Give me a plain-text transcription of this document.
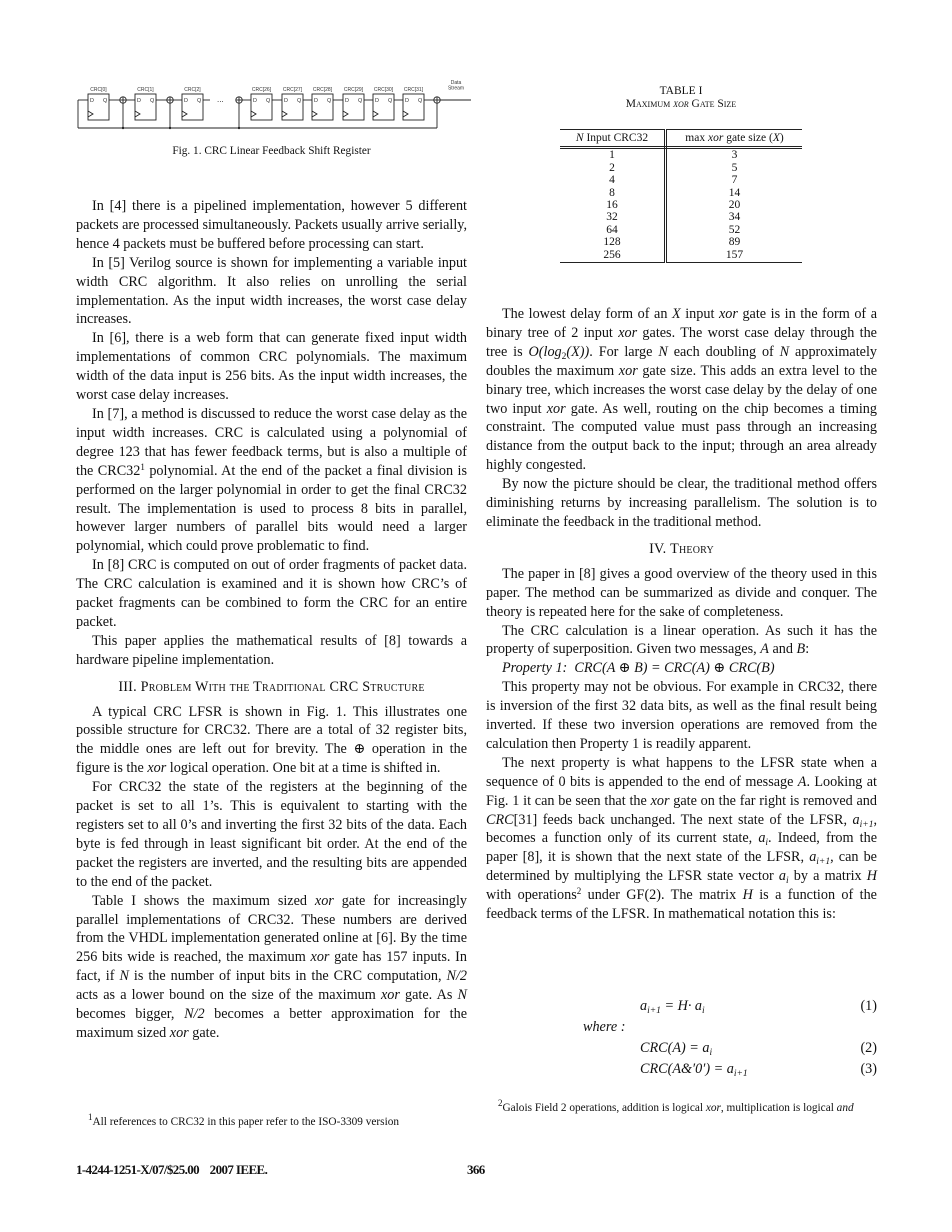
CRC[0]
D Q
CRC[1]
D Q
CRC[2]
D Q
CRC[26]
D Q
CRC[27]
D Q
CRC[28]
D Q
CRC[29]
D Q
CRC[30]
D Q
CRC[31]
D Q
...
Data
Stream
Fig. 1. CRC Linear Feedback Shift Register
TABLE I
Maximum xor Gate Size
N Input CRC32	max xor gate size (X)
1	3
2	5
4	7
8	14
16	20
32	34
64	52
128	89
256	157

In [4] there is a pipelined implementation, however 5 different packets are processed simultaneously. Packets usually arrive serially, hence 4 packets must be buffered before processing can start.

In [5] Verilog source is shown for implementing a variable input width CRC algorithm. It also relies on unrolling the serial implementation. As the input width increases, the worst case delay increases.

In [6], there is a web form that can generate fixed input width implementations of common CRC polynomials. The maximum width of the data input is 256 bits. As the input width increases, the worst case delay increases.

In [7], a method is discussed to reduce the worst case delay as the input width increases. CRC is calculated using a polynomial of degree 123 that has fewer feedback terms, but is also a multiple of the $CRC32^1$ polynomial. At the end of the packet a final division is performed on the larger polynomial in order to get the final CRC32 result. The implementation is used to process 8 bits in parallel, however larger numbers of parallel bits would need a larger polynomial, which could prove problematic to find.

In [8] CRC is computed on out of order fragments of packet data. The CRC calculation is examined and it is shown how CRC’s of packet fragments can be combined to form the CRC for an entire packet.

This paper applies the mathematical results of [8] towards a hardware pipeline implementation.

III. Problem With the Traditional CRC Structure

A typical CRC LFSR is shown in Fig. 1. This illustrates one possible structure for CRC32. There are a total of 32 register bits, the middle ones are left out for brevity. The ⊕ operation in the figure is the xor logical operation. One bit at a time is shifted in.

For CRC32 the state of the registers at the beginning of the packet is set to all 1’s. This is equivalent to starting with the registers set to all 0’s and inverting the first 32 bits of the data. Each byte is fed through in least significant bit order. At the end of the packet the registers are inverted, and the resulting bits are appended to the end of the packet.

Table I shows the maximum sized xor gate for increasingly parallel implementations of CRC32. These numbers are derived from the VHDL implementation generated online at [6]. By the time 256 bits wide is reached, the maximum xor gate has 157 inputs. In fact, if N is the number of input bits in the CRC computation, N/2 acts as a lower bound on the size of the maximum xor gate. As N becomes bigger, N/2 becomes a better approximation for the maximum sized xor gate.

$^1$All references to CRC32 in this paper refer to the ISO-3309 version

The lowest delay form of an X input xor gate is in the form of a binary tree of 2 input xor gates. The worst case delay through the tree is $O(\log_2(X))$. For large N each doubling of N approximately doubles the maximum xor gate size. This adds an extra level to the binary tree, which increases the worst case delay by the delay of one two input xor gate. As well, routing on the chip becomes a timing constraint. The computed value must pass through an increasing distance from the output back to the input; through an area already highly congested.

By now the picture should be clear, the traditional method offers diminishing returns by increasing parallelism. The solution is to eliminate the feedback in the traditional method.

IV. Theory

The paper in [8] gives a good overview of the theory used in this paper. The method can be summarized as divide and conquer. The theory is repeated here for the sake of completeness.

The CRC calculation is a linear operation. As such it has the property of superposition. Given two messages, A and B:

Property 1: CRC(A ⊕ B) = CRC(A) ⊕ CRC(B)

This property may not be obvious. For example in CRC32, there is inversion of the first 32 data bits, as well as the final result being inverted. If these two inversion operations are removed from the calculation then Property 1 is readily apparent.

The next property is what happens to the LFSR state when a sequence of 0 bits is appended to the end of message A. Looking at Fig. 1 it can be seen that the xor gate on the far right is removed and CRC[31] feeds back unchanged. The next state of the LFSR, $a_{i+1}$, becomes a function only of its current state, $a_i$. Indeed, from the paper [8], it is shown that the next state of the LFSR, $a_{i+1}$, can be determined by multiplying the LFSR state vector $a_i$ by a matrix H with operations$^2$ under GF(2). The matrix H is a function of the feedback terms of the LFSR. In mathematical notation this is:

$a_{i+1} = H\cdot a_i$	(1)
where :
$CRC(A) = a_i$	(2)
CRC(A&′0′) = $a_{i+1}$	(3)
$^2$Galois Field 2 operations, addition is logical xor, multiplication is logical and
1-4244-1251-X/07/$25.00 2007 IEEE.	366
